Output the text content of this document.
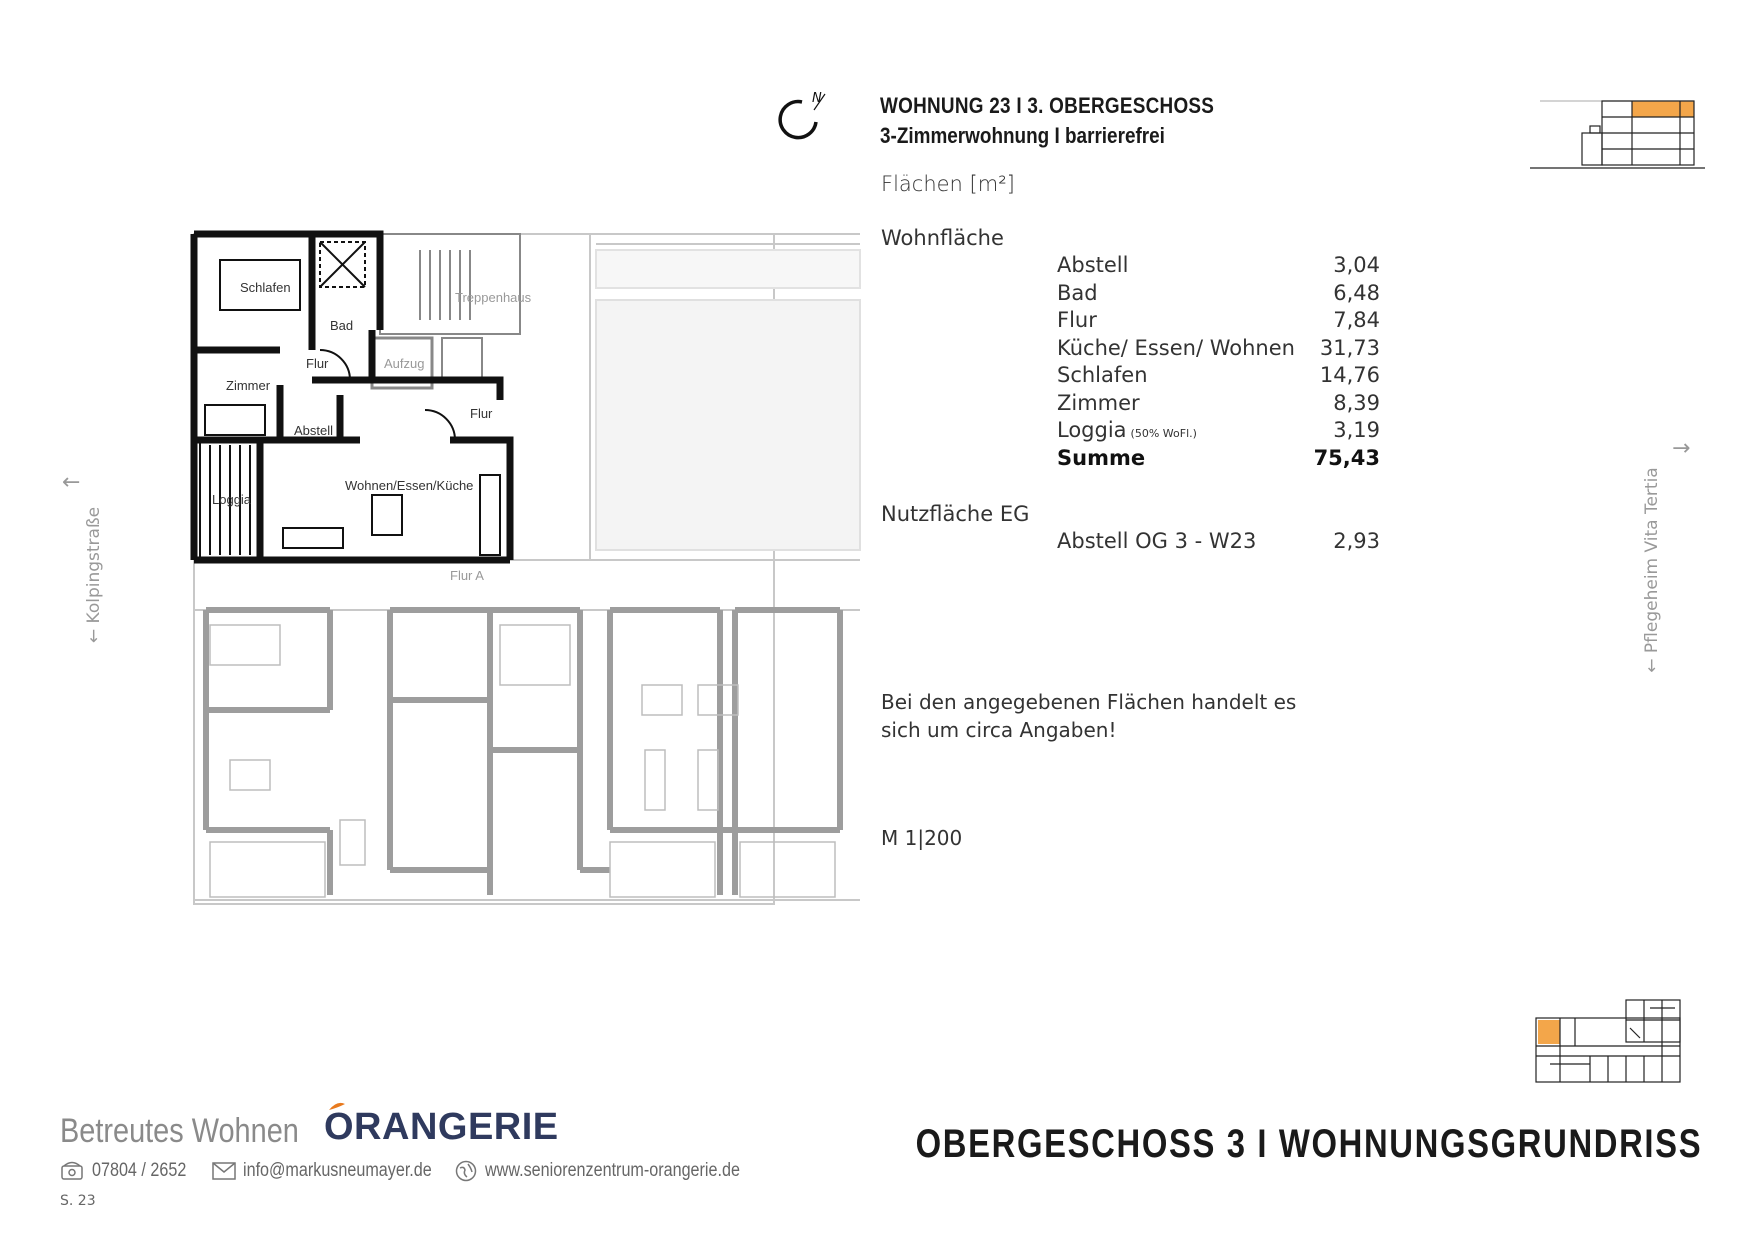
N	WOHNUNG 23 I 3. OBERGESCHOSS
3-Zimmerwohnung I barrierefrei
Flächen [m²]
Wohnfläche
Abstell	3,04
Bad	6,48
Flur	7,84
Küche/ Essen/ Wohnen	31,73
Schlafen	14,76
Zimmer	8,39
Loggia (50% WoFl.)	3,19
Summe	75,43
Nutzfläche EG
Abstell OG 3 - W23	2,93
Bei den angegebenen Flächen handelt es sich um circa Angaben!
M 1|200
← Kolpingstraße
←
← Pflegeheim Vita Tertia
→
Schlafen
Bad
Treppenhaus
Aufzug
Flur
Zimmer
Abstell
Flur
Loggia
Wohnen/Essen/Küche
Flur A
Betreutes Wohnen ORANGERIE
07804 / 2652	info@markusneumayer.de	www.seniorenzentrum-orangerie.de
S. 23
OBERGESCHOSS 3 I WOHNUNGSGRUNDRISS
